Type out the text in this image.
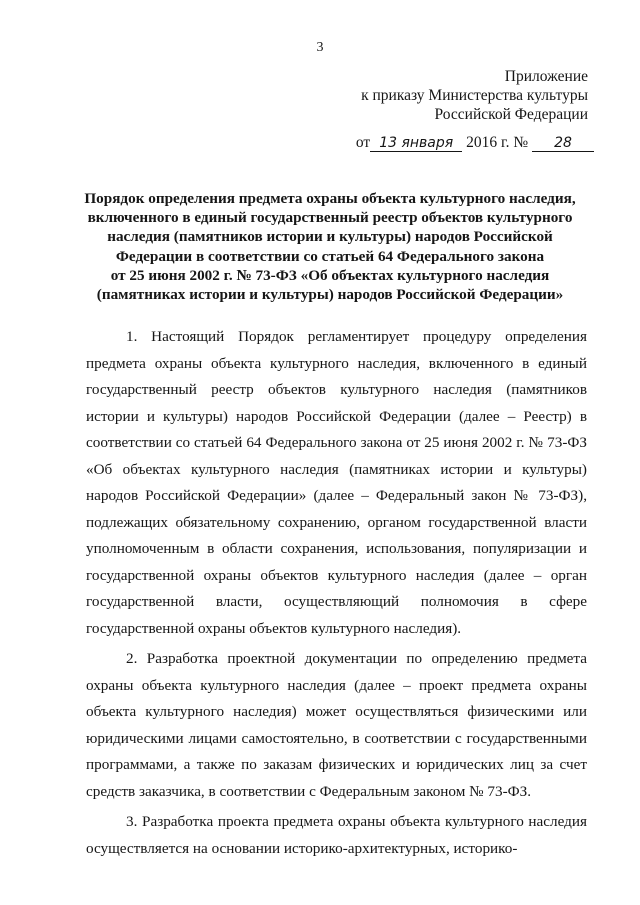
3
Приложение
к приказу Министерства культуры
Российской Федерации
от 13 января 2016 г. № 28
Порядок определения предмета охраны объекта культурного наследия,
включенного в единый государственный реестр объектов культурного
наследия (памятников истории и культуры) народов Российской
Федерации в соответствии со статьей 64 Федерального закона
от 25 июня 2002 г. № 73-ФЗ «Об объектах культурного наследия
(памятниках истории и культуры) народов Российской Федерации»

1. Настоящий Порядок регламентирует процедуру определения предмета охраны объекта культурного наследия, включенного в единый государственный реестр объектов культурного наследия (памятников истории и культуры) народов Российской Федерации (далее – Реестр) в соответствии со статьей 64 Федерального закона от 25 июня 2002 г. № 73-ФЗ «Об объектах культурного наследия (памятниках истории и культуры) народов Российской Федерации» (далее – Федеральный закон № 73-ФЗ), подлежащих обязательному сохранению, органом государственной власти уполномоченным в области сохранения, использования, популяризации и государственной охраны объектов культурного наследия (далее – орган государственной власти, осуществляющий полномочия в сфере государственной охраны объектов культурного наследия).

2. Разработка проектной документации по определению предмета охраны объекта культурного наследия (далее – проект предмета охраны объекта культурного наследия) может осуществляться физическими или юридическими лицами самостоятельно, в соответствии с государственными программами, а также по заказам физических и юридических лиц за счет средств заказчика, в соответствии с Федеральным законом № 73-ФЗ.

3. Разработка проекта предмета охраны объекта культурного наследия осуществляется на основании историко-архитектурных, историко-
